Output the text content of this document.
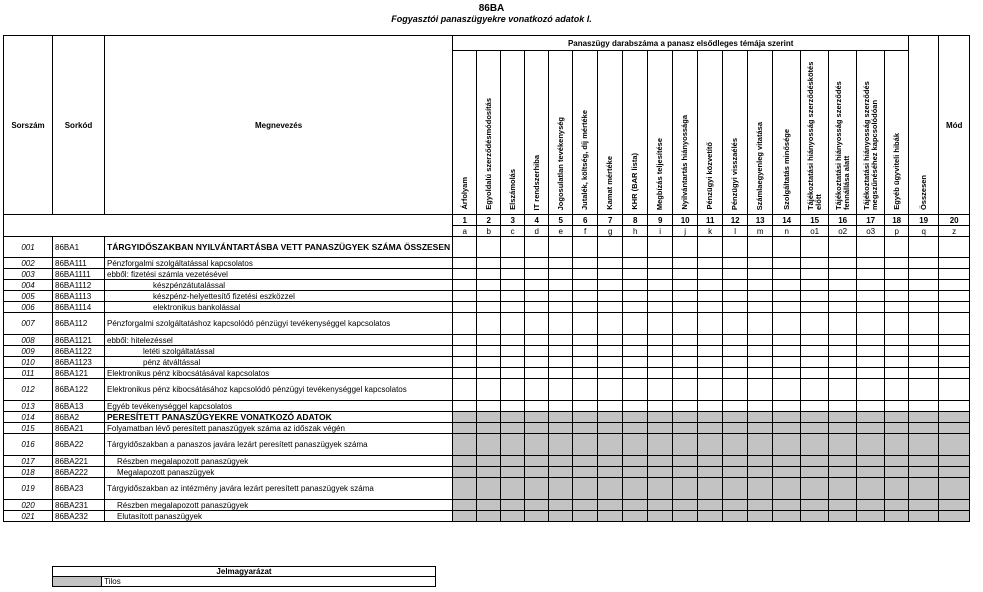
86BA
Fogyasztói panaszügyekre vonatkozó adatok I.
Sorszám	Sorkód	Megnevezés	Panaszügy darabszáma a panasz elsődleges témája szerint																		Összesen	Mód

			Árfolyam	Egyoldalú szerződésmódosítás	Elszámolás	IT rendszerhiba	Jogosulatlan tevékenység	Jutalék, költség, díj mértéke	Kamat mértéke	KHR (BAR lista)	Megbízás teljesítése	Nyilvántartás hiányossága	Pénzügyi közvetítő	Pénzügyi visszaélés	Számlaegyenleg vitatása	Szolgáltatás minősége	Tájékoztatási hiányosság szerződéskötés előtt	Tájékoztatási hiányosság szerződés fennállása alatt	Tájékoztatási hiányosság szerződés megszűnéséhez kapcsolódóan	Egyéb ügyviteli hibák		

			1	2	3	4	5	6	7	8	9	10	11	12	13	14	15	16	17	18	19	20
			a	b	c	d	e	f	g	h	i	j	k	l	m	n	o1	o2	o3	p	q	z
001	86BA1	TÁRGYIDŐSZAKBAN NYILVÁNTARTÁSBA VETT PANASZÜGYEK SZÁMA ÖSSZESEN																				
002	86BA111	Pénzforgalmi szolgáltatással kapcsolatos																				
003	86BA1111	ebből: fizetési számla vezetésével																				
004	86BA1112	készpénzátutalással																				
005	86BA1113	készpénz-helyettesítő fizetési eszközzel																				
006	86BA1114	elektronikus bankolással																				
007	86BA112	Pénzforgalmi szolgáltatáshoz kapcsolódó pénzügyi tevékenységgel kapcsolatos																				
008	86BA1121	ebből: hitelezéssel																				
009	86BA1122	letéti szolgáltatással																				
010	86BA1123	pénz átváltással																				
011	86BA121	Elektronikus pénz kibocsátásával kapcsolatos																				
012	86BA122	Elektronikus pénz kibocsátásához kapcsolódó pénzügyi tevékenységgel kapcsolatos																				
013	86BA13	Egyéb tevékenységgel kapcsolatos																				
014	86BA2	PERESÍTETT PANASZÜGYEKRE VONATKOZÓ ADATOK																				
015	86BA21	Folyamatban lévő peresített panaszügyek száma az időszak végén																				
016	86BA22	Tárgyidőszakban a panaszos javára lezárt peresített panaszügyek száma																				
017	86BA221	Részben megalapozott panaszügyek																				
018	86BA222	Megalapozott panaszügyek																				
019	86BA23	Tárgyidőszakban az intézmény javára lezárt peresített panaszügyek száma																				
020	86BA231	Részben megalapozott panaszügyek																				
021	86BA232	Elutasított panaszügyek																				
Jelmagyarázat
	Tilos
